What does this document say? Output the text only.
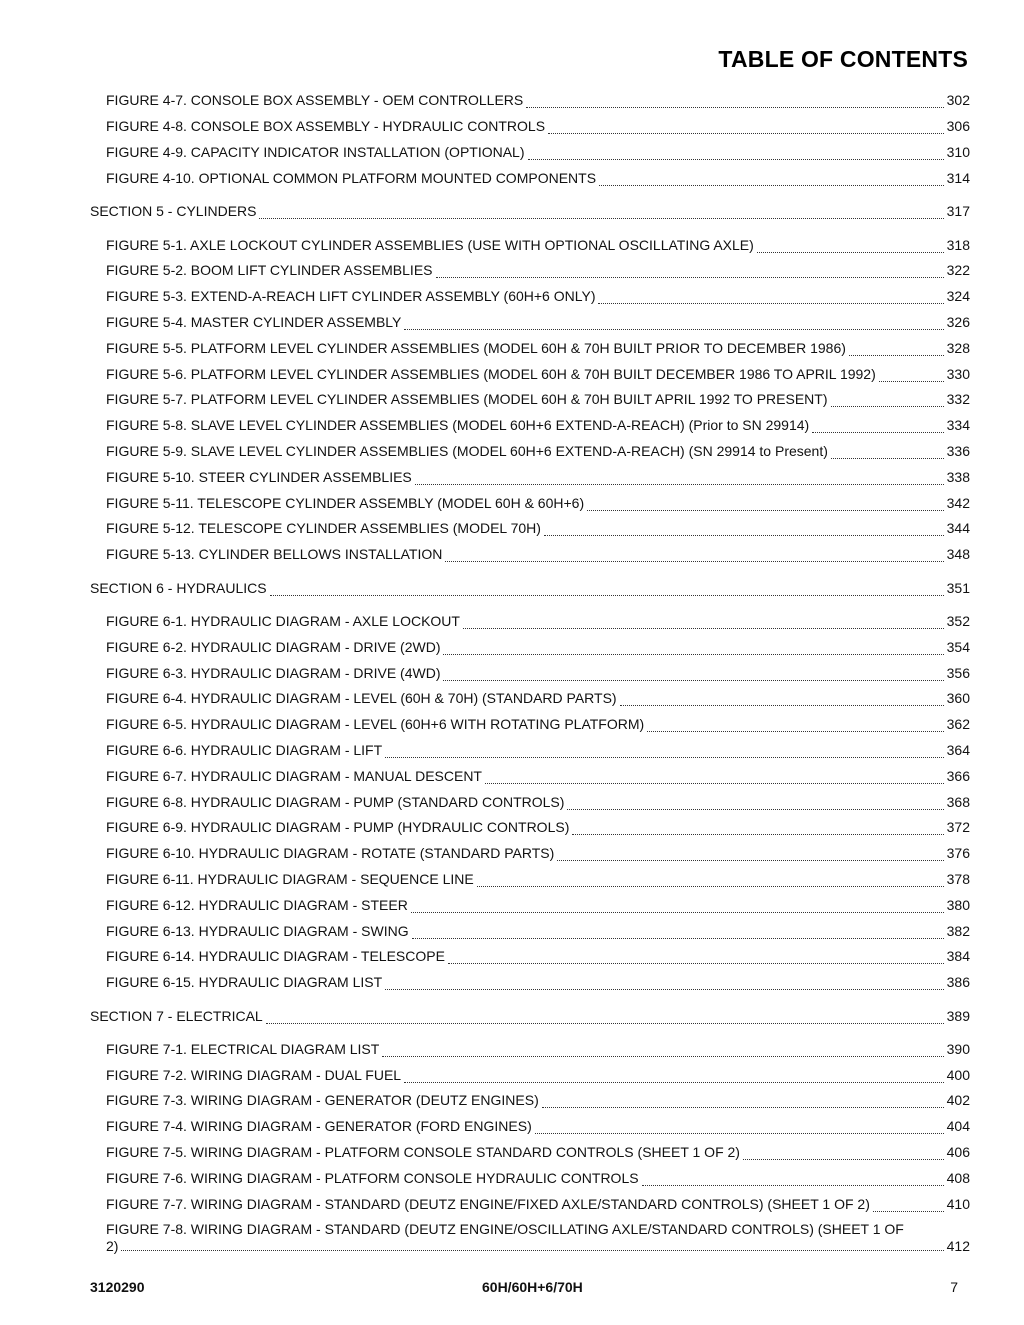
TABLE OF CONTENTS
FIGURE 4-7. CONSOLE BOX ASSEMBLY - OEM CONTROLLERS	302
FIGURE 4-8. CONSOLE BOX ASSEMBLY - HYDRAULIC CONTROLS	306
FIGURE 4-9. CAPACITY INDICATOR INSTALLATION (OPTIONAL)	310
FIGURE 4-10. OPTIONAL COMMON PLATFORM MOUNTED COMPONENTS	314
SECTION 5 - CYLINDERS	317
FIGURE 5-1. AXLE LOCKOUT CYLINDER ASSEMBLIES (USE WITH OPTIONAL OSCILLATING AXLE)	318
FIGURE 5-2. BOOM LIFT CYLINDER ASSEMBLIES	322
FIGURE 5-3. EXTEND-A-REACH LIFT CYLINDER ASSEMBLY (60H+6 ONLY)	324
FIGURE 5-4. MASTER CYLINDER ASSEMBLY	326
FIGURE 5-5. PLATFORM LEVEL CYLINDER ASSEMBLIES (MODEL 60H & 70H BUILT PRIOR TO DECEMBER 1986)	328
FIGURE 5-6. PLATFORM LEVEL CYLINDER ASSEMBLIES (MODEL 60H & 70H BUILT DECEMBER 1986 TO APRIL 1992)	330
FIGURE 5-7. PLATFORM LEVEL CYLINDER ASSEMBLIES (MODEL 60H & 70H BUILT APRIL 1992 TO PRESENT)	332
FIGURE 5-8. SLAVE LEVEL CYLINDER ASSEMBLIES (MODEL 60H+6 EXTEND-A-REACH) (Prior to SN 29914)	334
FIGURE 5-9. SLAVE LEVEL CYLINDER ASSEMBLIES (MODEL 60H+6 EXTEND-A-REACH) (SN 29914 to Present)	336
FIGURE 5-10. STEER CYLINDER ASSEMBLIES	338
FIGURE 5-11. TELESCOPE CYLINDER ASSEMBLY (MODEL 60H & 60H+6)	342
FIGURE 5-12. TELESCOPE CYLINDER ASSEMBLIES (MODEL 70H)	344
FIGURE 5-13. CYLINDER BELLOWS INSTALLATION	348
SECTION 6 - HYDRAULICS	351
FIGURE 6-1. HYDRAULIC DIAGRAM - AXLE LOCKOUT	352
FIGURE 6-2. HYDRAULIC DIAGRAM - DRIVE (2WD)	354
FIGURE 6-3. HYDRAULIC DIAGRAM - DRIVE (4WD)	356
FIGURE 6-4. HYDRAULIC DIAGRAM - LEVEL (60H & 70H) (STANDARD PARTS)	360
FIGURE 6-5. HYDRAULIC DIAGRAM - LEVEL (60H+6 WITH ROTATING PLATFORM)	362
FIGURE 6-6. HYDRAULIC DIAGRAM - LIFT	364
FIGURE 6-7. HYDRAULIC DIAGRAM - MANUAL DESCENT	366
FIGURE 6-8. HYDRAULIC DIAGRAM - PUMP (STANDARD CONTROLS)	368
FIGURE 6-9. HYDRAULIC DIAGRAM - PUMP (HYDRAULIC CONTROLS)	372
FIGURE 6-10. HYDRAULIC DIAGRAM - ROTATE (STANDARD PARTS)	376
FIGURE 6-11. HYDRAULIC DIAGRAM - SEQUENCE LINE	378
FIGURE 6-12. HYDRAULIC DIAGRAM - STEER	380
FIGURE 6-13. HYDRAULIC DIAGRAM - SWING	382
FIGURE 6-14. HYDRAULIC DIAGRAM - TELESCOPE	384
FIGURE 6-15. HYDRAULIC DIAGRAM LIST	386
SECTION 7 - ELECTRICAL	389
FIGURE 7-1. ELECTRICAL DIAGRAM LIST	390
FIGURE 7-2. WIRING DIAGRAM - DUAL FUEL	400
FIGURE 7-3. WIRING DIAGRAM - GENERATOR (DEUTZ ENGINES)	402
FIGURE 7-4. WIRING DIAGRAM - GENERATOR (FORD ENGINES)	404
FIGURE 7-5. WIRING DIAGRAM - PLATFORM CONSOLE STANDARD CONTROLS (SHEET 1 OF 2)	406
FIGURE 7-6. WIRING DIAGRAM - PLATFORM CONSOLE HYDRAULIC CONTROLS	408
FIGURE 7-7. WIRING DIAGRAM - STANDARD (DEUTZ ENGINE/FIXED AXLE/STANDARD CONTROLS) (SHEET 1 OF 2)	410
FIGURE 7-8. WIRING DIAGRAM - STANDARD (DEUTZ ENGINE/OSCILLATING AXLE/STANDARD CONTROLS) (SHEET 1 OF
2)	412
3120290	60H/60H+6/70H	7
